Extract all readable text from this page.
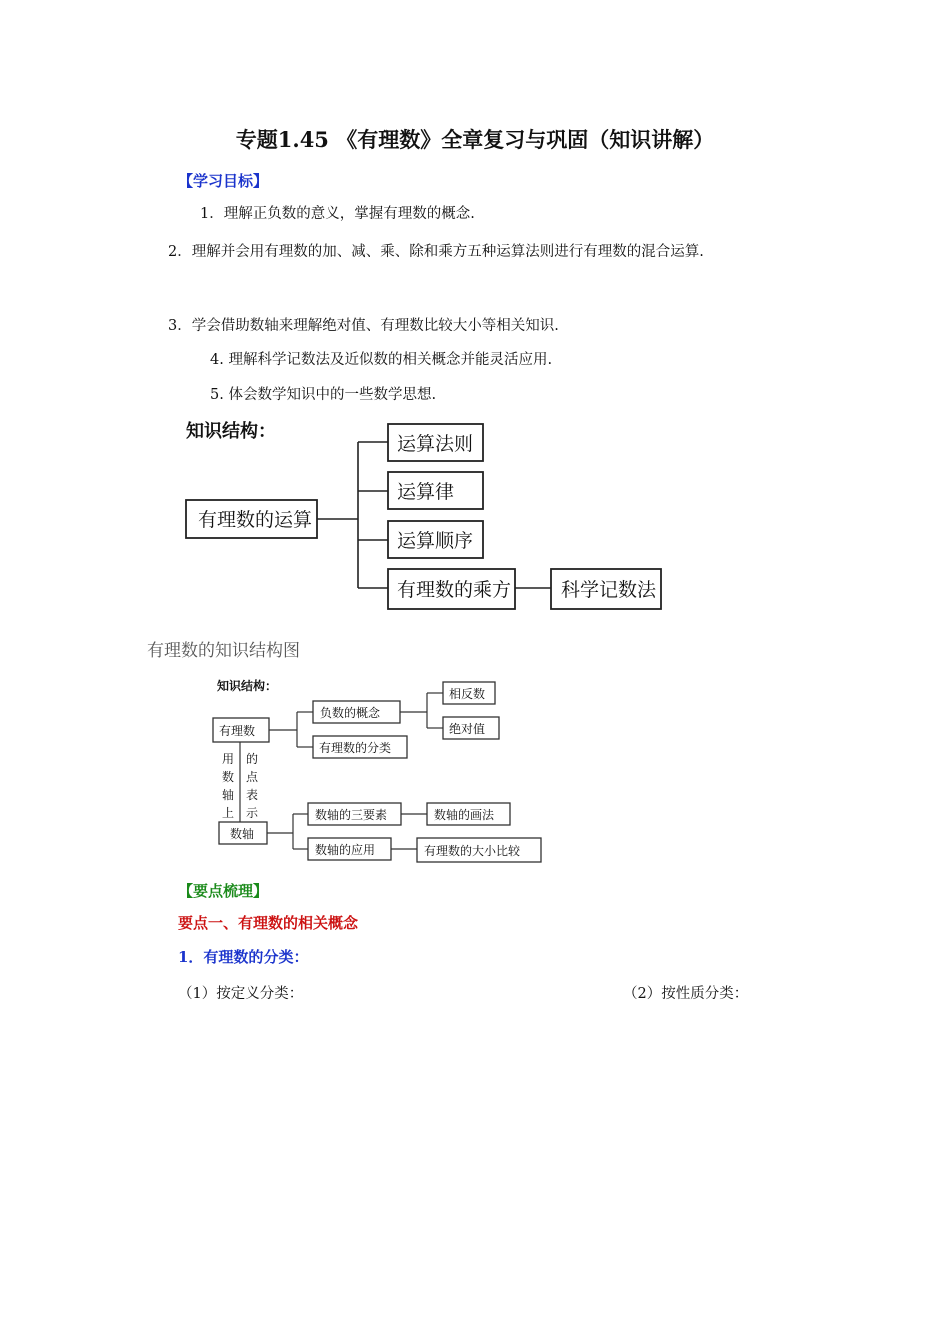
专题1.45 《有理数》全章复习与巩固（知识讲解）
【学习目标】
1．理解正负数的意义，掌握有理数的概念.
2．理解并会用有理数的加、减、乘、除和乘方五种运算法则进行有理数的混合运算.
3．学会借助数轴来理解绝对值、有理数比较大小等相关知识.
4. 理解科学记数法及近似数的相关概念并能灵活应用.
5. 体会数学知识中的一些数学思想.
知识结构：
有理数的运算
运算法则
运算律
运算顺序
有理数的乘方	科学记数法
有理数的知识结构图
知识结构：
有理数
负数的概念
有理数的分类
相反数
绝对值
用
数
轴
上
的
点
表
示
数轴
数轴的三要素
数轴的应用
数轴的画法
有理数的大小比较
【要点梳理】
要点一、有理数的相关概念
1．有理数的分类：
（1）按定义分类：	（2）按性质分类：
